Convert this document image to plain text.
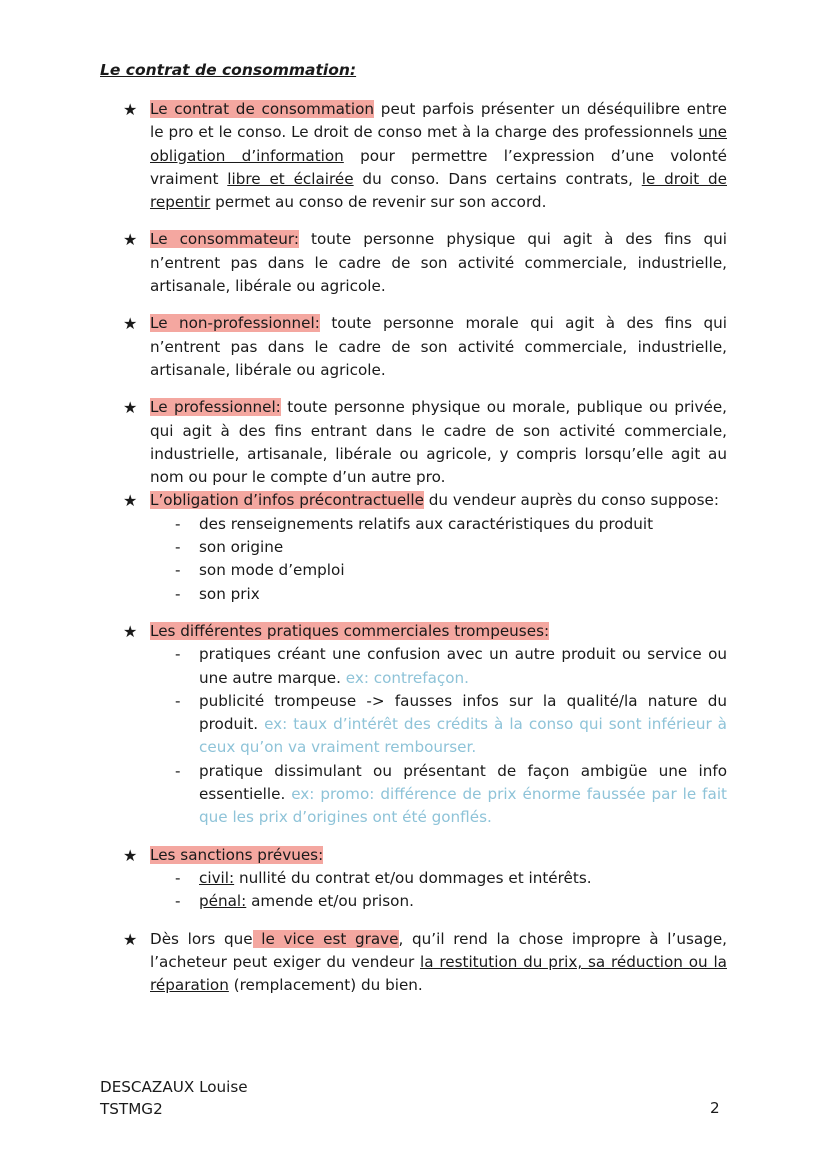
Le contrat de consommation:
★ Le contrat de consommation peut parfois présenter un déséquilibre entre le pro et le conso. Le droit de conso met à la charge des professionnels une obligation d’information pour permettre l’expression d’une volonté vraiment libre et éclairée du conso. Dans certains contrats, le droit de repentir permet au conso de revenir sur son accord.
★ Le consommateur: toute personne physique qui agit à des fins qui n’entrent pas dans le cadre de son activité commerciale, industrielle, artisanale, libérale ou agricole.
★ Le non-professionnel: toute personne morale qui agit à des fins qui n’entrent pas dans le cadre de son activité commerciale, industrielle, artisanale, libérale ou agricole.
★ Le professionnel: toute personne physique ou morale, publique ou privée, qui agit à des fins entrant dans le cadre de son activité commerciale, industrielle, artisanale, libérale ou agricole, y compris lorsqu’elle agit au nom ou pour le compte d’un autre pro.
★ L’obligation d’infos précontractuelle du vendeur auprès du conso suppose:
- des renseignements relatifs aux caractéristiques du produit
- son origine
- son mode d’emploi
- son prix
★ Les différentes pratiques commerciales trompeuses:
- pratiques créant une confusion avec un autre produit ou service ou une autre marque. ex: contrefaçon.
- publicité trompeuse -> fausses infos sur la qualité/la nature du produit. ex: taux d’intérêt des crédits à la conso qui sont inférieur à ceux qu’on va vraiment rembourser.
- pratique dissimulant ou présentant de façon ambigüe une info essentielle. ex: promo: différence de prix énorme faussée par le fait que les prix d’origines ont été gonflés.
★ Les sanctions prévues:
- civil: nullité du contrat et/ou dommages et intérêts.
- pénal: amende et/ou prison.
★ Dès lors que le vice est grave, qu’il rend la chose impropre à l’usage, l’acheteur peut exiger du vendeur la restitution du prix, sa réduction ou la réparation (remplacement) du bien.
DESCAZAUX Louise
TSTMG2	2
